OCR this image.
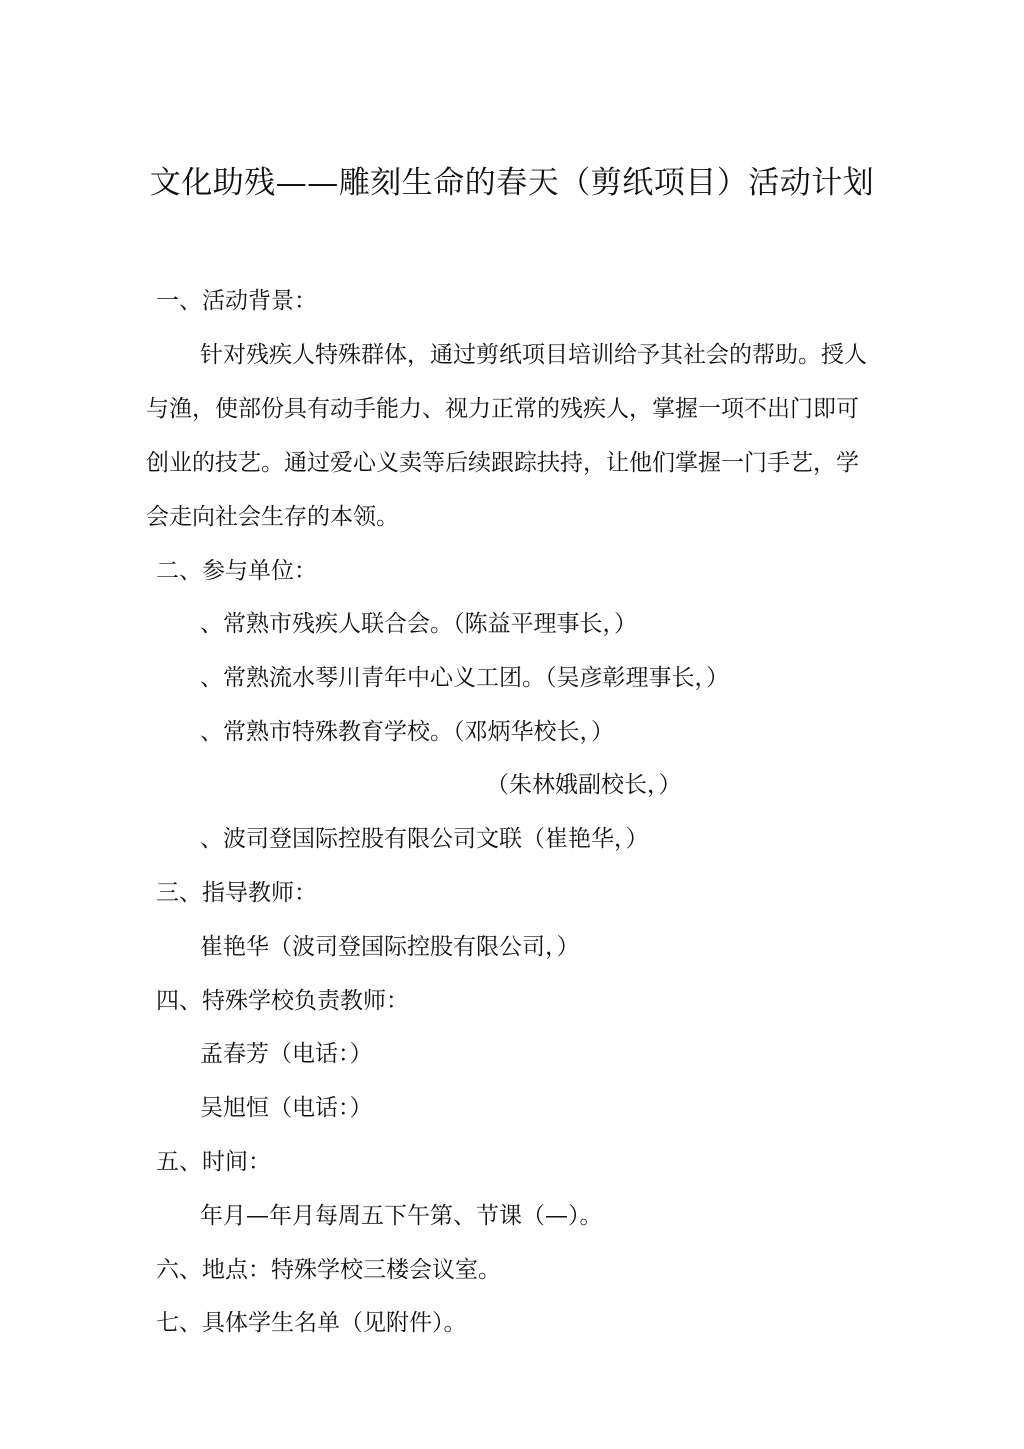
文化助残——雕刻生命的春天（剪纸项目）活动计划
一、活动背景：
针对残疾人特殊群体，通过剪纸项目培训给予其社会的帮助。授人
与渔，使部份具有动手能力、视力正常的残疾人，掌握一项不出门即可
创业的技艺。通过爱心义卖等后续跟踪扶持，让他们掌握一门手艺，学
会走向社会生存的本领。
二、参与单位：
、常熟市残疾人联合会。（陈益平理事长，）
、常熟流水琴川青年中心义工团。（吴彦彰理事长，）
、常熟市特殊教育学校。（邓炳华校长，）
（朱林娥副校长，）
、波司登国际控股有限公司文联（崔艳华，）
三、指导教师：
崔艳华（波司登国际控股有限公司，）
四、特殊学校负责教师：
孟春芳（电话：）
吴旭恒（电话：）
五、时间：
年月—年月每周五下午第、节课（—）。
六、地点：特殊学校三楼会议室。
七、具体学生名单（见附件）。
